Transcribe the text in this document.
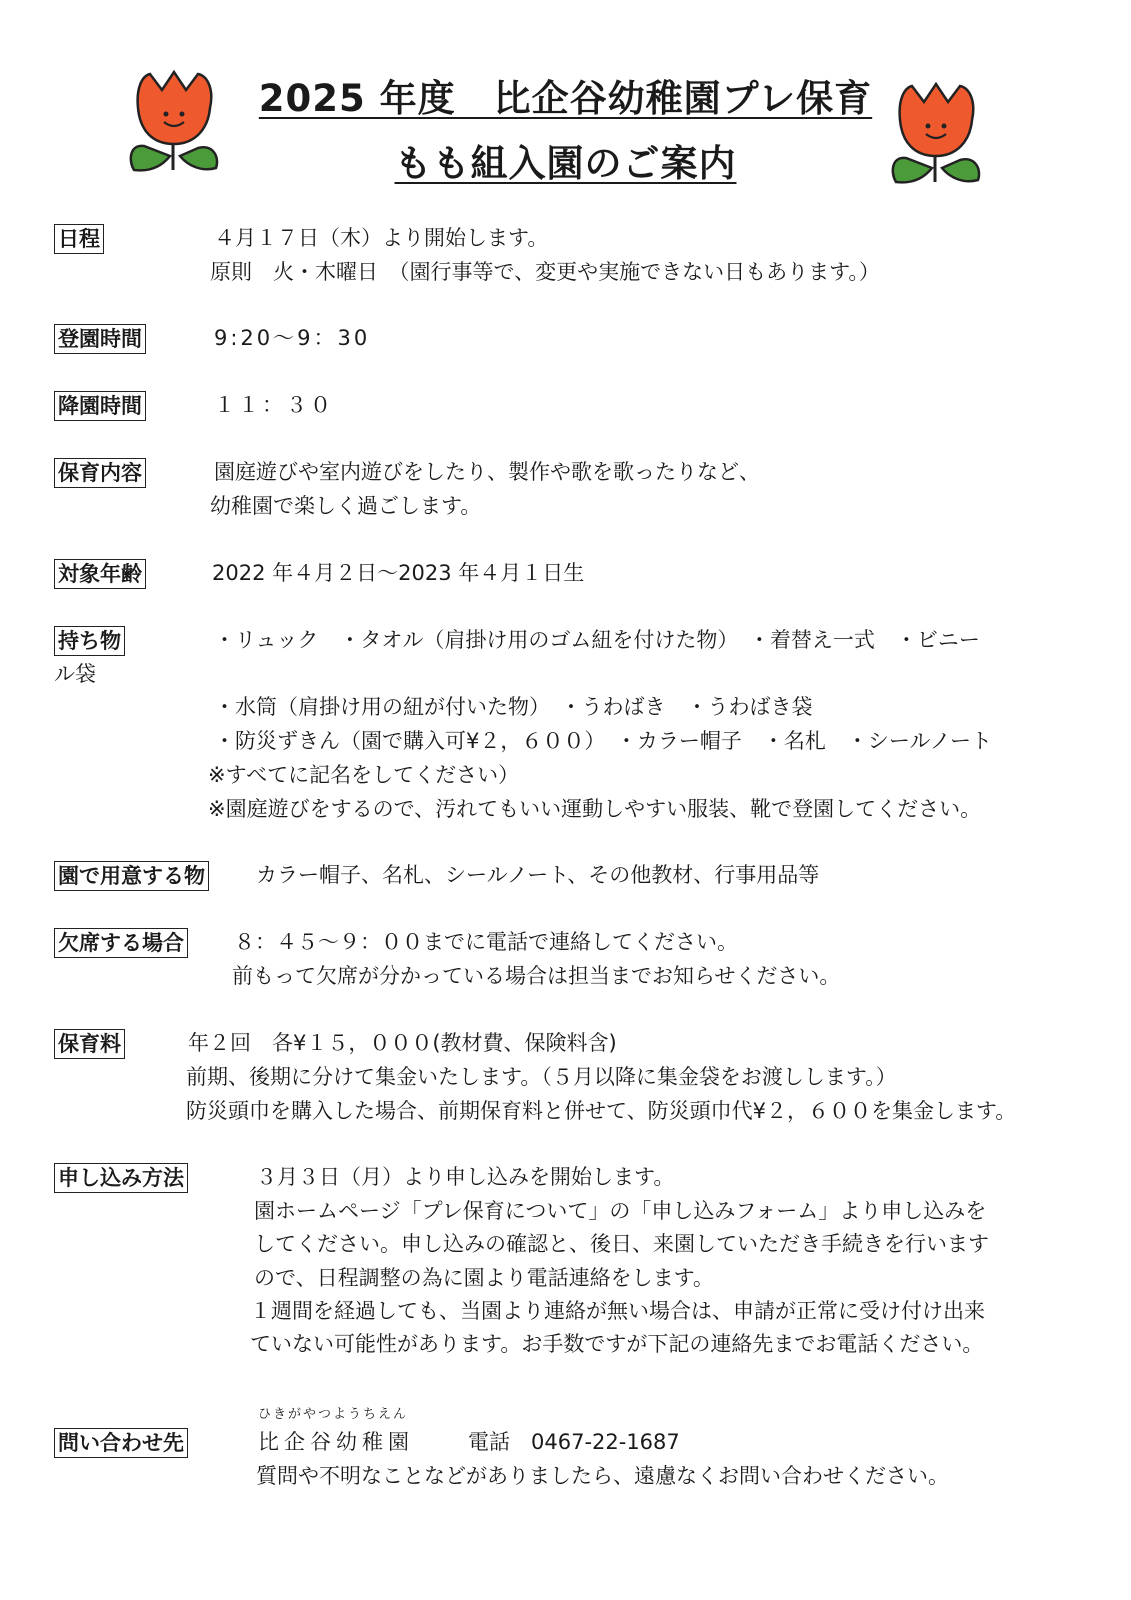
2025 年度　比企谷幼稚園プレ保育
もも組入園のご案内
日程	４月１７日（木）より開始します。
原則　火・木曜日　（園行事等で、変更や実施できない日もあります。）
登園時間	9:20～9：30
降園時間	１１：３０
保育内容	園庭遊びや室内遊びをしたり、製作や歌を歌ったりなど、
幼稚園で楽しく過ごします。
対象年齢	2022 年４月２日～2023 年４月１日生
持ち物	・リュック　・タオル（肩掛け用のゴム紐を付けた物）　・着替え一式　・ビニー
ル袋
・水筒（肩掛け用の紐が付いた物）　・うわばき　・うわばき袋
・防災ずきん（園で購入可¥２，６００）　・カラー帽子　・名札　・シールノート
※すべてに記名をしてください）
※園庭遊びをするので、汚れてもいい運動しやすい服装、靴で登園してください。
園で用意する物 カラー帽子、名札、シールノート、その他教材、行事用品等
欠席する場合 ８：４５～９：００までに電話で連絡してください。
前もって欠席が分かっている場合は担当までお知らせください。
保育料	年２回　各¥１５，０００(教材費、保険料含)
前期、後期に分けて集金いたします。（５月以降に集金袋をお渡しします。）
防災頭巾を購入した場合、前期保育料と併せて、防災頭巾代¥２，６００を集金します。
申し込み方法	３月３日（月）より申し込みを開始します。
園ホームページ「プレ保育について」の「申し込みフォーム」より申し込みを
してください。申し込みの確認と、後日、来園していただき手続きを行います
ので、日程調整の為に園より電話連絡をします。
１週間を経過しても、当園より連絡が無い場合は、申請が正常に受け付け出来
ていない可能性があります。お手数ですが下記の連絡先までお電話ください。
ひきがやつようちえん
問い合わせ先	比企谷幼稚園	電話　0467-22-1687
質問や不明なことなどがありましたら、遠慮なくお問い合わせください。
